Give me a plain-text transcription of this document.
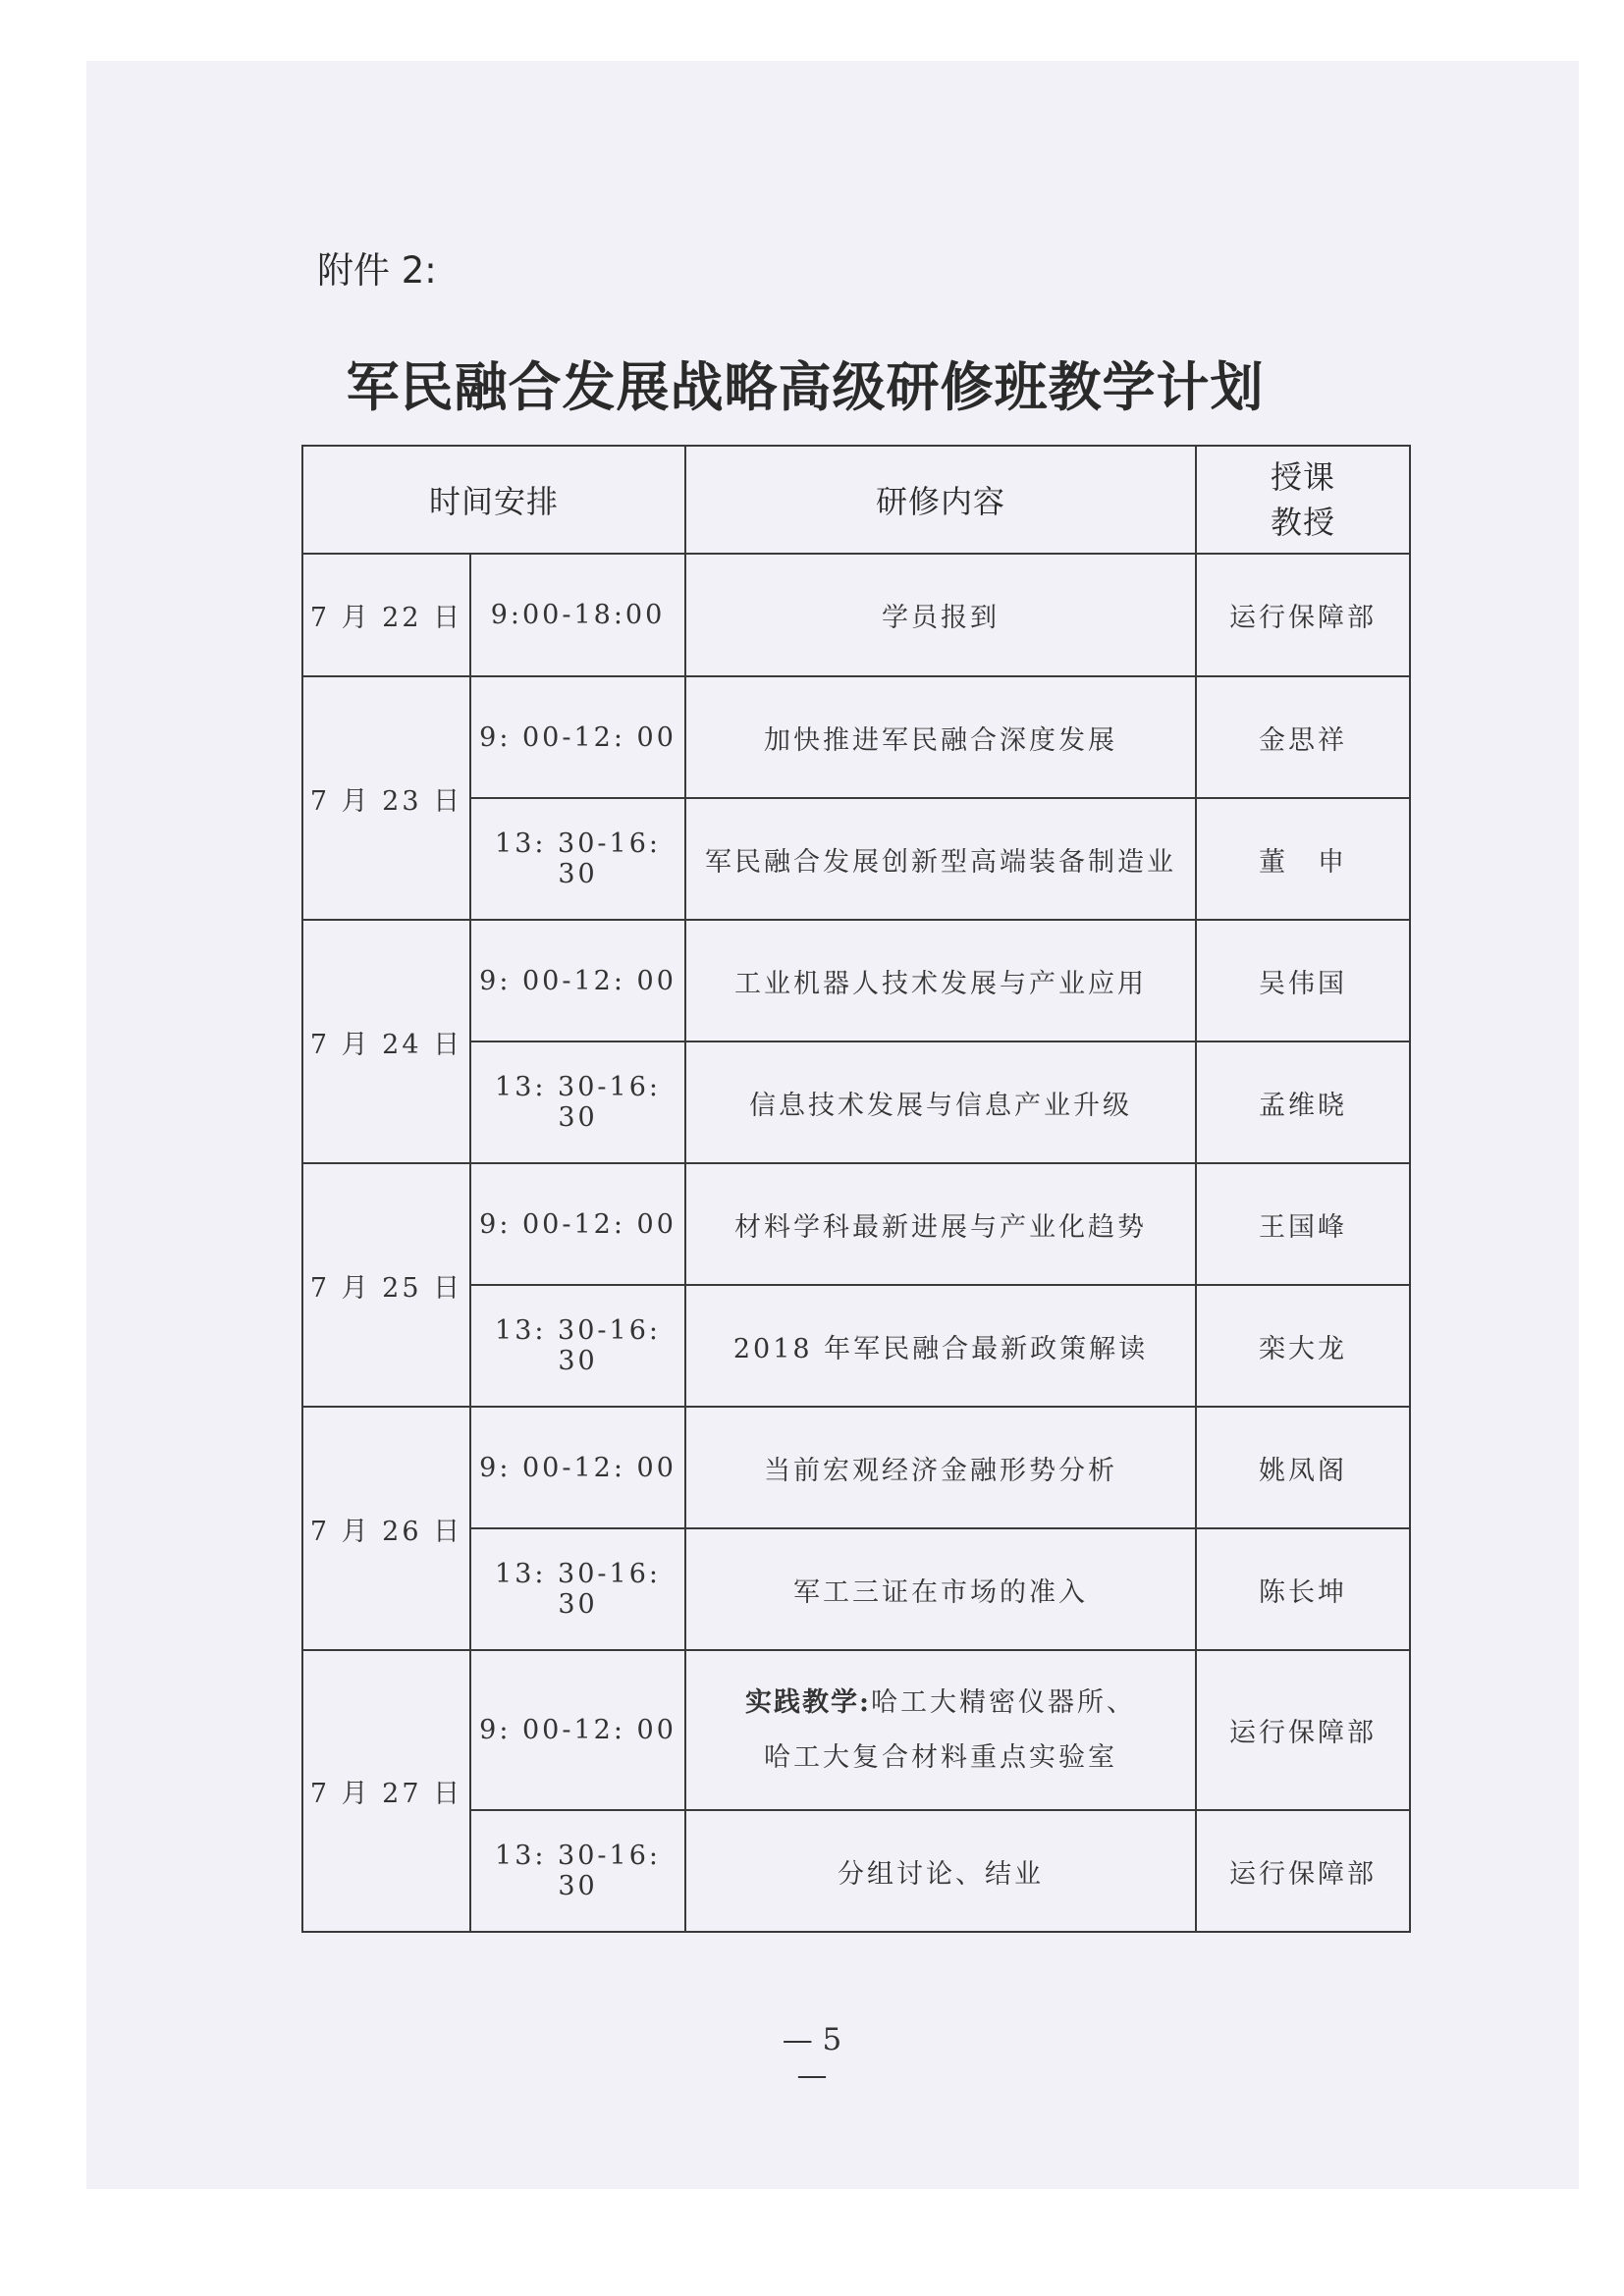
附件 2:
军民融合发展战略高级研修班教学计划
时间安排		研修内容	授课
教授
7 月 22 日	9:00-18:00	学员报到	运行保障部
7 月 23 日	9: 00-12: 00	加快推进军民融合深度发展	金思祥
	13: 30-16: 30	军民融合发展创新型高端装备制造业	董　申
7 月 24 日	9: 00-12: 00	工业机器人技术发展与产业应用	吴伟国
	13: 30-16: 30	信息技术发展与信息产业升级	孟维晓
7 月 25 日	9: 00-12: 00	材料学科最新进展与产业化趋势	王国峰
	13: 30-16: 30	2018 年军民融合最新政策解读	栾大龙
7 月 26 日	9: 00-12: 00	当前宏观经济金融形势分析	姚凤阁
	13: 30-16: 30	军工三证在市场的准入	陈长坤
7 月 27 日	9: 00-12: 00	实践教学:哈工大精密仪器所、
哈工大复合材料重点实验室	运行保障部
	13: 30-16: 30	分组讨论、结业	运行保障部
— 5 —
